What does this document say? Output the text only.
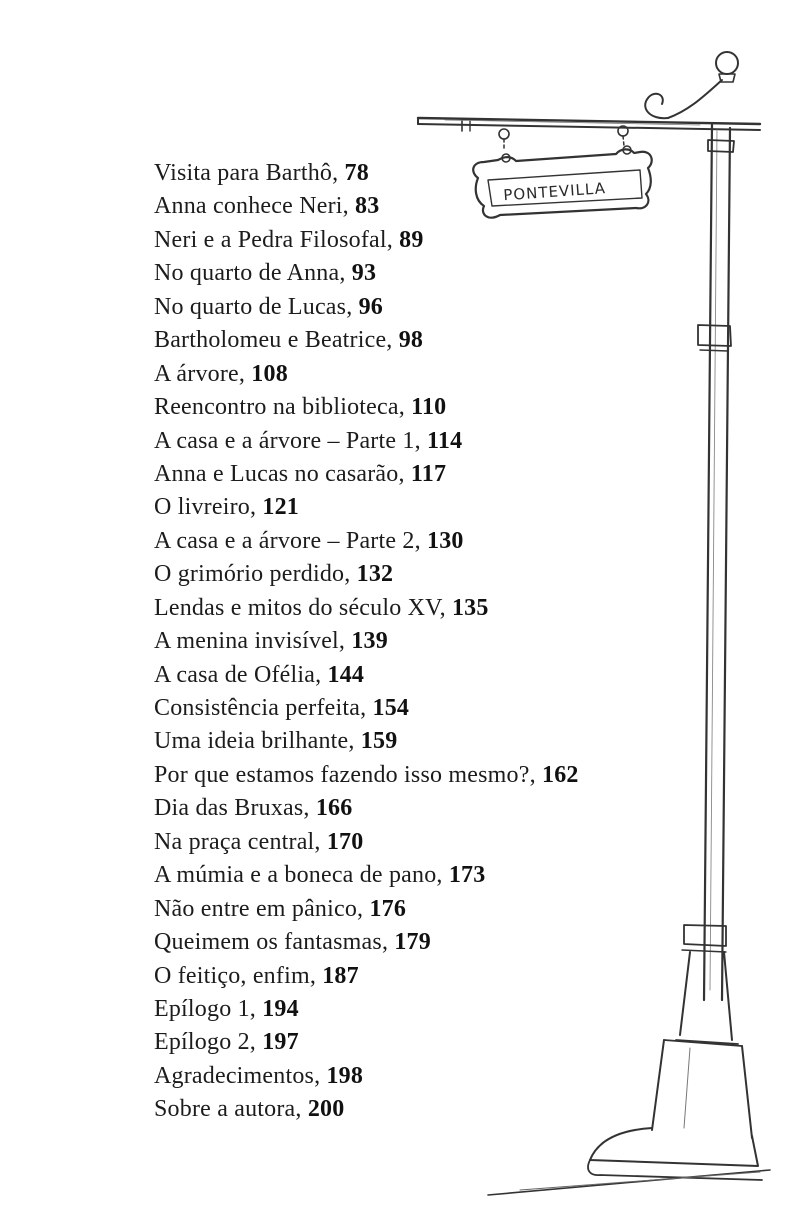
PONTEVILLA
Visita para Barthô, 78
Anna conhece Neri, 83
Neri e a Pedra Filosofal, 89
No quarto de Anna, 93
No quarto de Lucas, 96
Bartholomeu e Beatrice, 98
A árvore, 108
Reencontro na biblioteca, 110
A casa e a árvore – Parte 1, 114
Anna e Lucas no casarão, 117
O livreiro, 121
A casa e a árvore – Parte 2, 130
O grimório perdido, 132
Lendas e mitos do século XV, 135
A menina invisível, 139
A casa de Ofélia, 144
Consistência perfeita, 154
Uma ideia brilhante, 159
Por que estamos fazendo isso mesmo?, 162
Dia das Bruxas, 166
Na praça central, 170
A múmia e a boneca de pano, 173
Não entre em pânico, 176
Queimem os fantasmas, 179
O feitiço, enfim, 187
Epílogo 1, 194
Epílogo 2, 197
Agradecimentos, 198
Sobre a autora, 200
